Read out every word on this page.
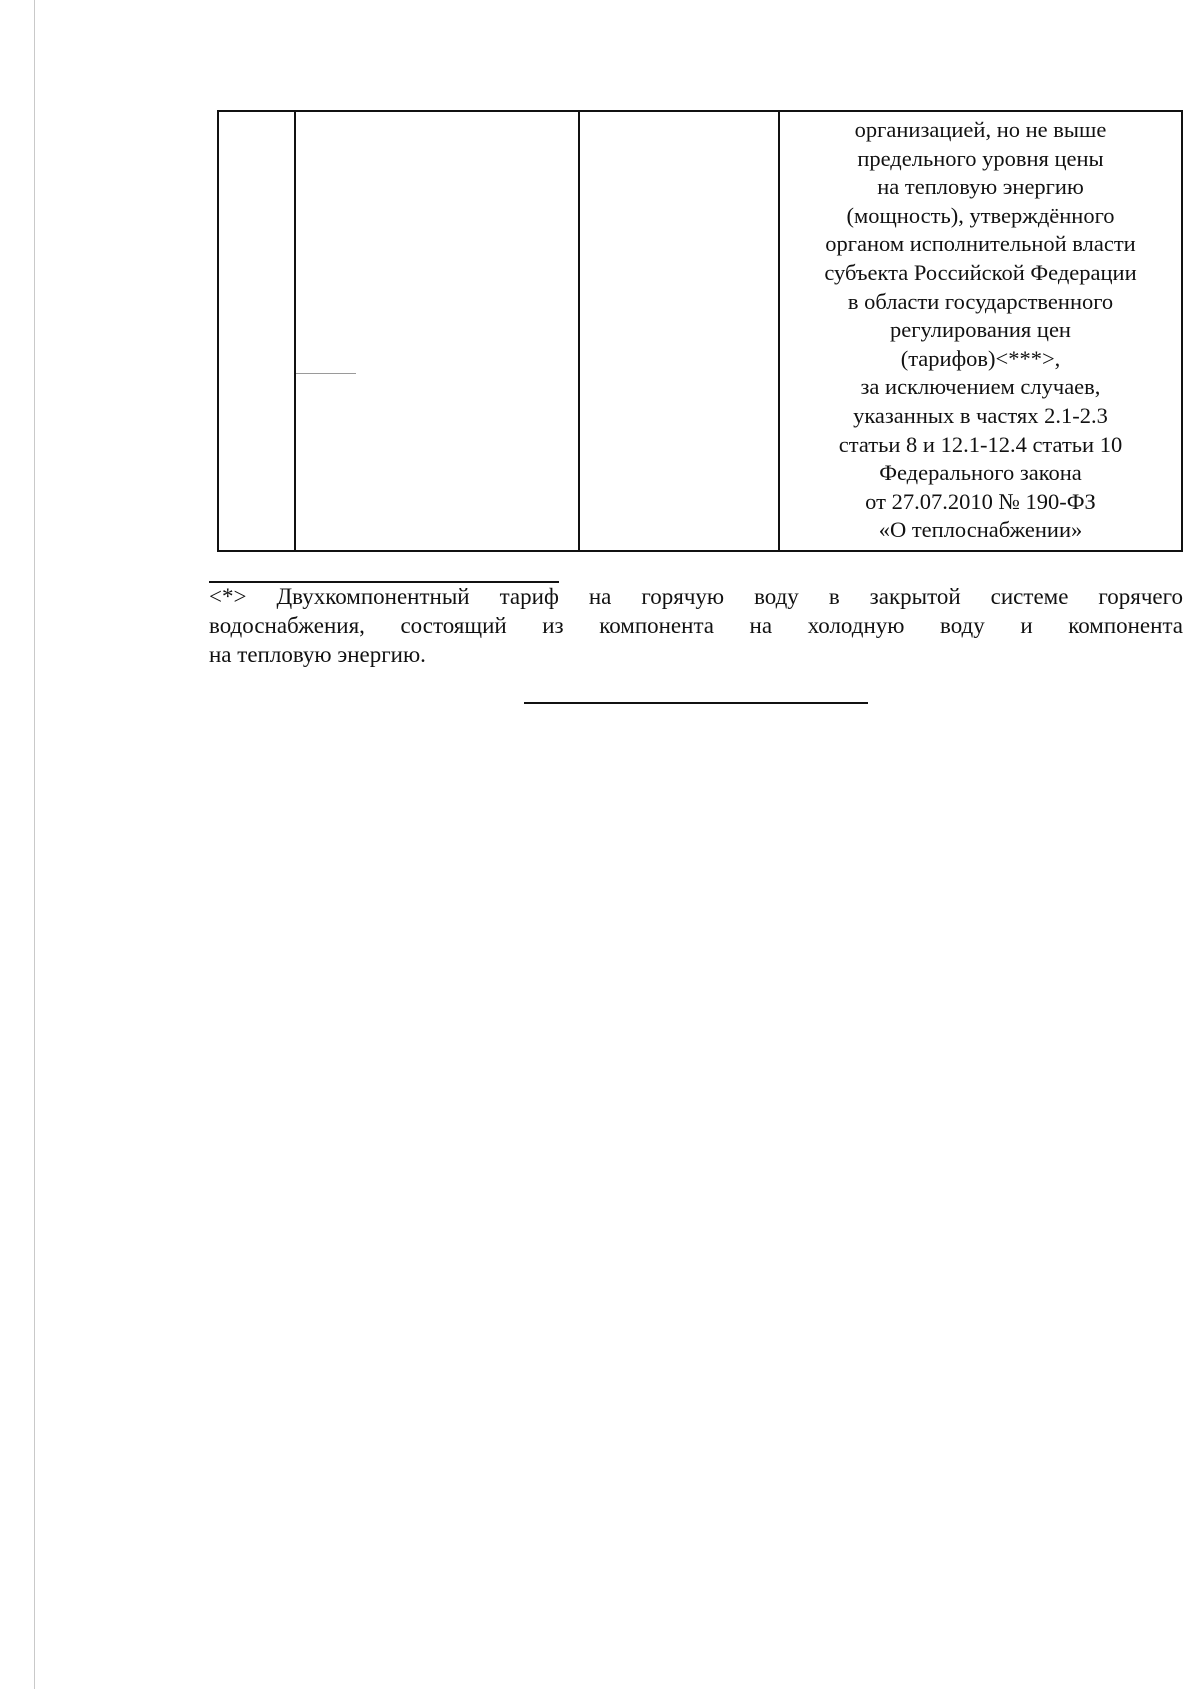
организацией, но не выше
предельного уровня цены
на тепловую энергию
(мощность), утверждённого
органом исполнительной власти
субъекта Российской Федерации
в области государственного
регулирования цен
(тарифов)<***>,
за исключением случаев,
указанных в частях 2.1-2.3
статьи 8 и 12.1-12.4 статьи 10
Федерального закона
от 27.07.2010 № 190-ФЗ
«О теплоснабжении»
<*> Двухкомпонентный тариф на горячую воду в закрытой системе горячего
водоснабжения, состоящий из компонента на холодную воду и компонента
на тепловую энергию.
